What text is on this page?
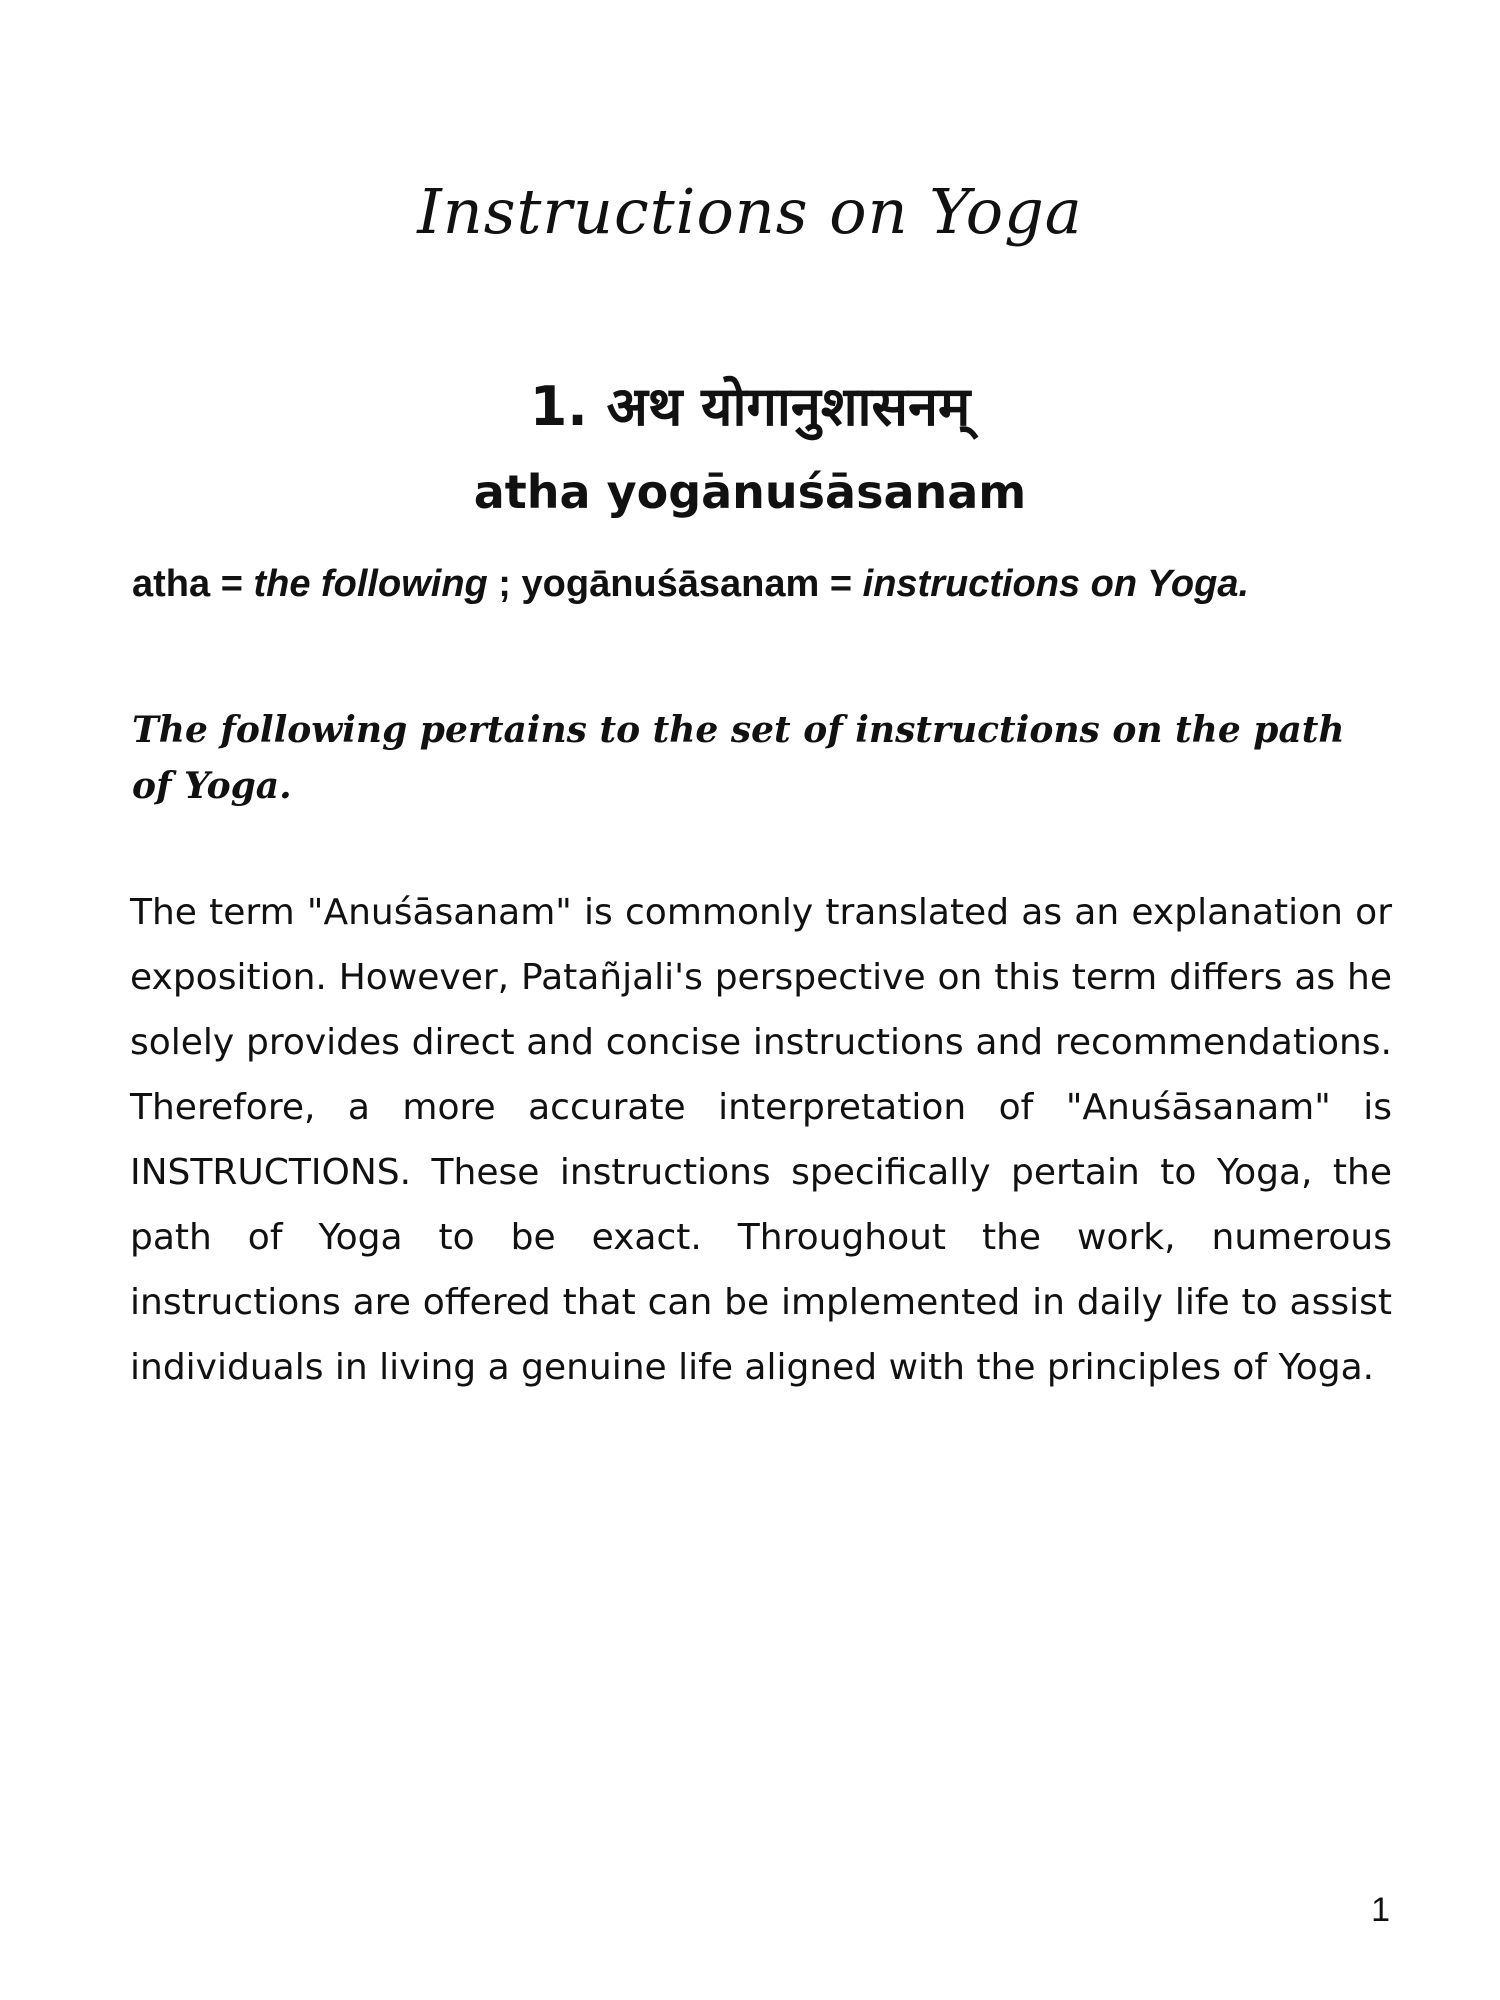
Instructions on Yoga
1. अथ योगानुशासनम्
atha yogānuśāsanam
atha = the following ; yogānuśāsanam = instructions on Yoga.
The following pertains to the set of instructions on the path of Yoga.
The term "Anuśāsanam" is commonly translated as an explanation or exposition. However, Patañjali's perspective on this term differs as he solely provides direct and concise instructions and recommendations. Therefore, a more accurate interpretation of "Anuśāsanam" is INSTRUCTIONS. These instructions specifically pertain to Yoga, the path of Yoga to be exact. Throughout the work, numerous instructions are offered that can be implemented in daily life to assist individuals in living a genuine life aligned with the principles of Yoga.
1
